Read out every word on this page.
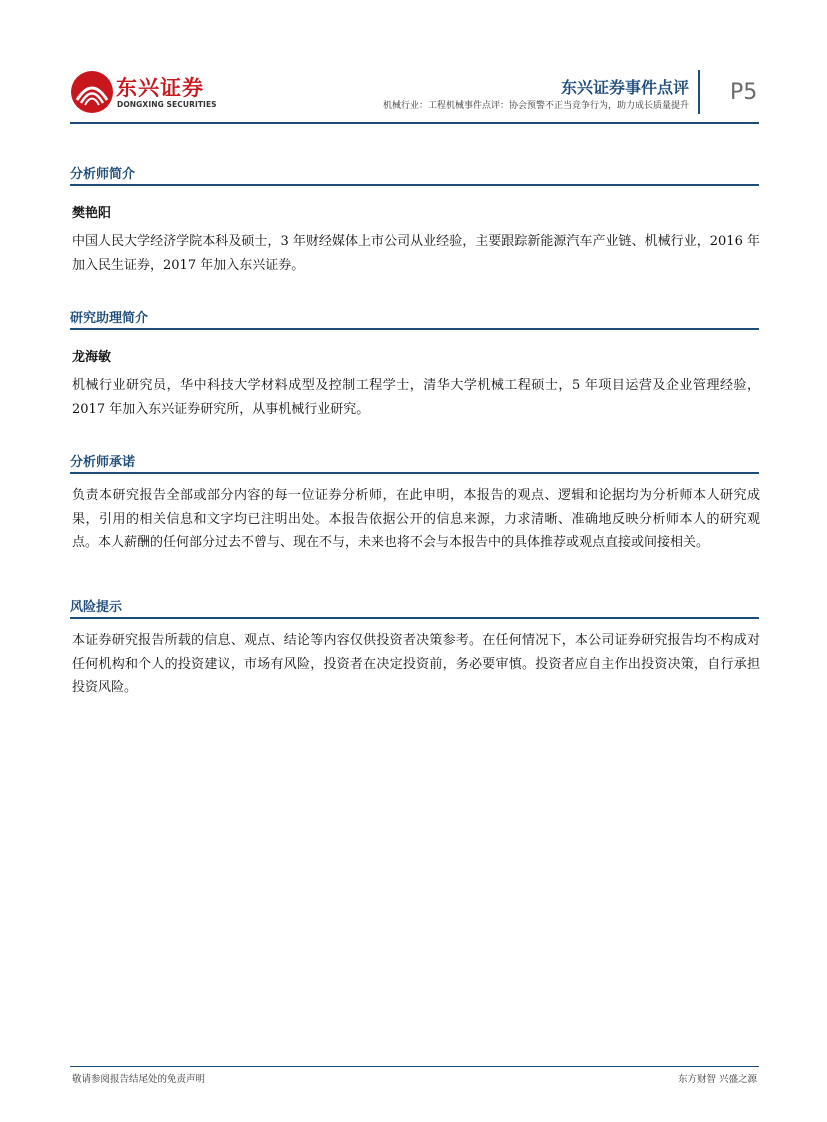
东兴证券
DONGXING SECURITIES
东兴证券事件点评
机械行业：工程机械事件点评：协会预警不正当竞争行为，助力成长质量提升
P5
分析师简介
樊艳阳
中国人民大学经济学院本科及硕士，3 年财经媒体上市公司从业经验，主要跟踪新能源汽车产业链、机械行业，2016 年加入民生证券，2017 年加入东兴证券。
研究助理简介
龙海敏
机械行业研究员，华中科技大学材料成型及控制工程学士，清华大学机械工程硕士，5 年项目运营及企业管理经验，2017 年加入东兴证券研究所，从事机械行业研究。
分析师承诺
负责本研究报告全部或部分内容的每一位证券分析师，在此申明，本报告的观点、逻辑和论据均为分析师本人研究成果，引用的相关信息和文字均已注明出处。本报告依据公开的信息来源，力求清晰、准确地反映分析师本人的研究观点。本人薪酬的任何部分过去不曾与、现在不与，未来也将不会与本报告中的具体推荐或观点直接或间接相关。
风险提示
本证券研究报告所载的信息、观点、结论等内容仅供投资者决策参考。在任何情况下，本公司证券研究报告均不构成对任何机构和个人的投资建议，市场有风险，投资者在决定投资前，务必要审慎。投资者应自主作出投资决策，自行承担投资风险。
敬请参阅报告结尾处的免责声明	东方财智 兴盛之源
